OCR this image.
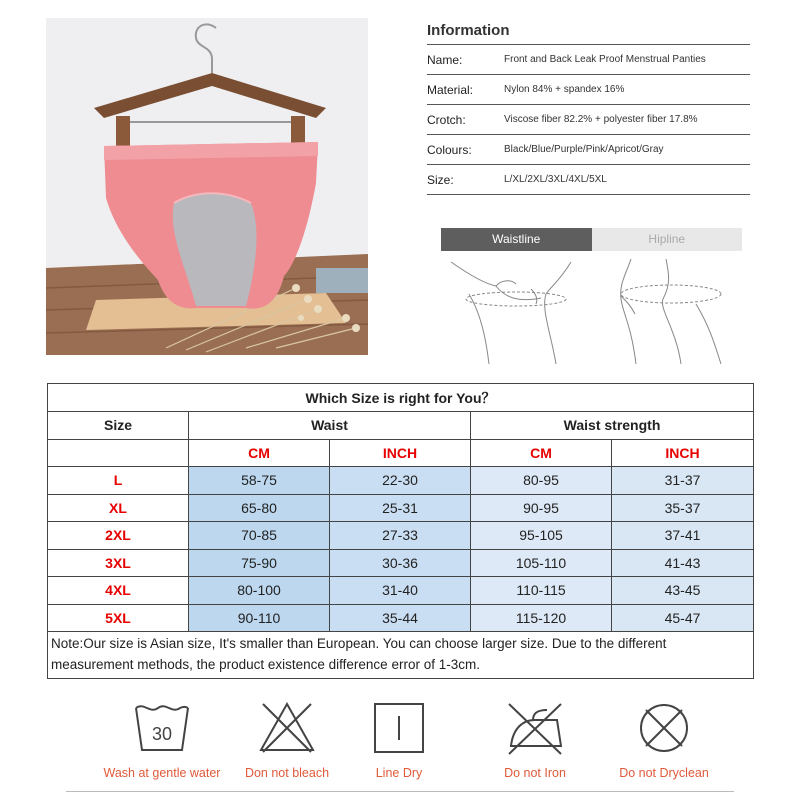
Information
Name:	Front and Back Leak Proof Menstrual Panties
Material:	Nylon 84% + spandex 16%
Crotch:	Viscose fiber 82.2% + polyester fiber 17.8%
Colours:	Black/Blue/Purple/Pink/Apricot/Gray
Size:	L/XL/2XL/3XL/4XL/5XL
Waistline	Hipline
Which Size is right for You？				
Size	Waist		Waist strength	
	CM	INCH	CM	INCH
L	58-75	22-30	80-95	31-37
XL	65-80	25-31	90-95	35-37
2XL	70-85	27-33	95-105	37-41
3XL	75-90	30-36	105-110	41-43
4XL	80-100	31-40	110-115	43-45
5XL	90-110	35-44	115-120	45-47
Note:Our size is Asian size, It's smaller than European. You can choose larger size. Due to the different measurement methods, the product existence difference error of 1-3cm.				
30
Wash at gentle water	Don not bleach	Line Dry	Do not Iron	Do not Dryclean
